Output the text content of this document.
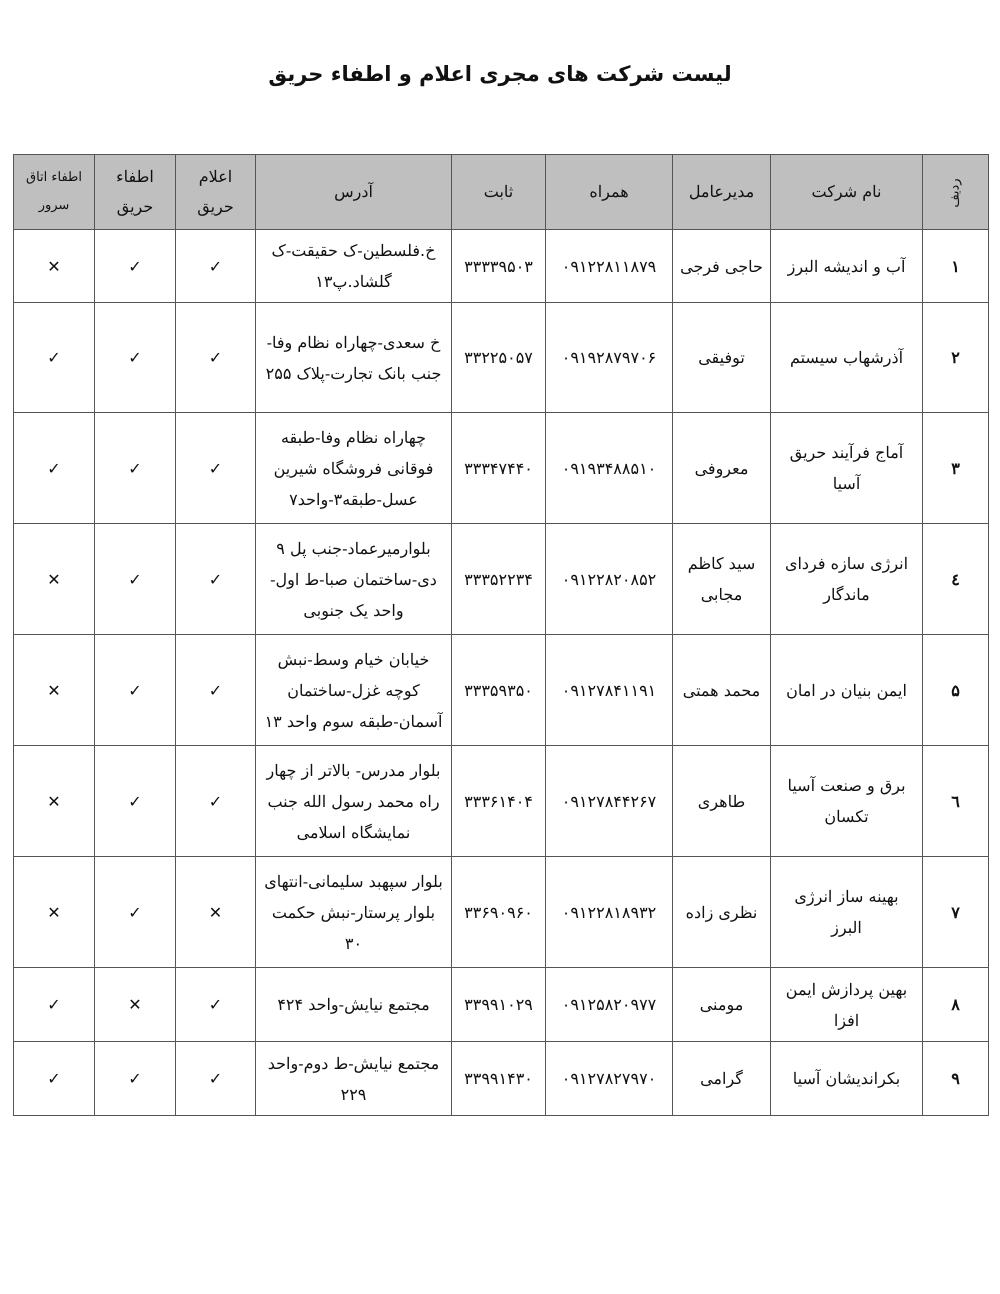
لیست شرکت های مجری اعلام و اطفاء حریق
ردیف	نام شرکت	مدیرعامل	همراه	ثابت	آدرس	اعلام حریق	اطفاء حریق	اطفاء اتاق سرور
۱	آب و اندیشه البرز	حاجی فرجی	۰۹۱۲۲۸۱۱۸۷۹	۳۳۳۳۹۵۰۳	خ.فلسطین-ک حقیقت-ک گلشاد.پ۱۳	✓	✓	✕
۲	آذرشهاب سیستم	توفیقی	۰۹۱۹۲۸۷۹۷۰۶	۳۳۲۲۵۰۵۷	خ سعدی-چهاراه نظام وفا-جنب بانک تجارت-پلاک ۲۵۵	✓	✓	✓
۳	آماج فرآیند حریق آسیا	معروفی	۰۹۱۹۳۴۸۸۵۱۰	۳۳۳۴۷۴۴۰	چهاراه نظام وفا-طبقه فوقانی فروشگاه شیرین عسل-طبقه۳-واحد۷	✓	✓	✓
٤	انرژی سازه فردای ماندگار	سید کاظم مجابی	۰۹۱۲۲۸۲۰۸۵۲	۳۳۳۵۲۲۳۴	بلوارمیرعماد-جنب پل ۹ دی-ساختمان صبا-ط اول-واحد یک جنوبی	✓	✓	✕
۵	ایمن بنیان در امان	محمد همتی	۰۹۱۲۷۸۴۱۱۹۱	۳۳۳۵۹۳۵۰	خیابان خیام وسط-نبش کوچه غزل-ساختمان آسمان-طبقه سوم واحد ۱۳	✓	✓	✕
٦	برق و صنعت آسیا تکسان	طاهری	۰۹۱۲۷۸۴۴۲۶۷	۳۳۳۶۱۴۰۴	بلوار مدرس- بالاتر از چهار راه محمد رسول الله جنب نمایشگاه اسلامی	✓	✓	✕
۷	بهینه ساز انرژی البرز	نظری زاده	۰۹۱۲۲۸۱۸۹۳۲	۳۳۶۹۰۹۶۰	بلوار سپهبد سلیمانی-انتهای بلوار پرستار-نبش حکمت ۳۰	✕	✓	✕
۸	بهین پردازش ایمن افزا	مومنی	۰۹۱۲۵۸۲۰۹۷۷	۳۳۹۹۱۰۲۹	مجتمع نیایش-واحد ۴۲۴	✓	✕	✓
۹	بکراندیشان آسیا	گرامی	۰۹۱۲۷۸۲۷۹۷۰	۳۳۹۹۱۴۳۰	مجتمع نیایش-ط دوم-واحد ۲۲۹	✓	✓	✓
